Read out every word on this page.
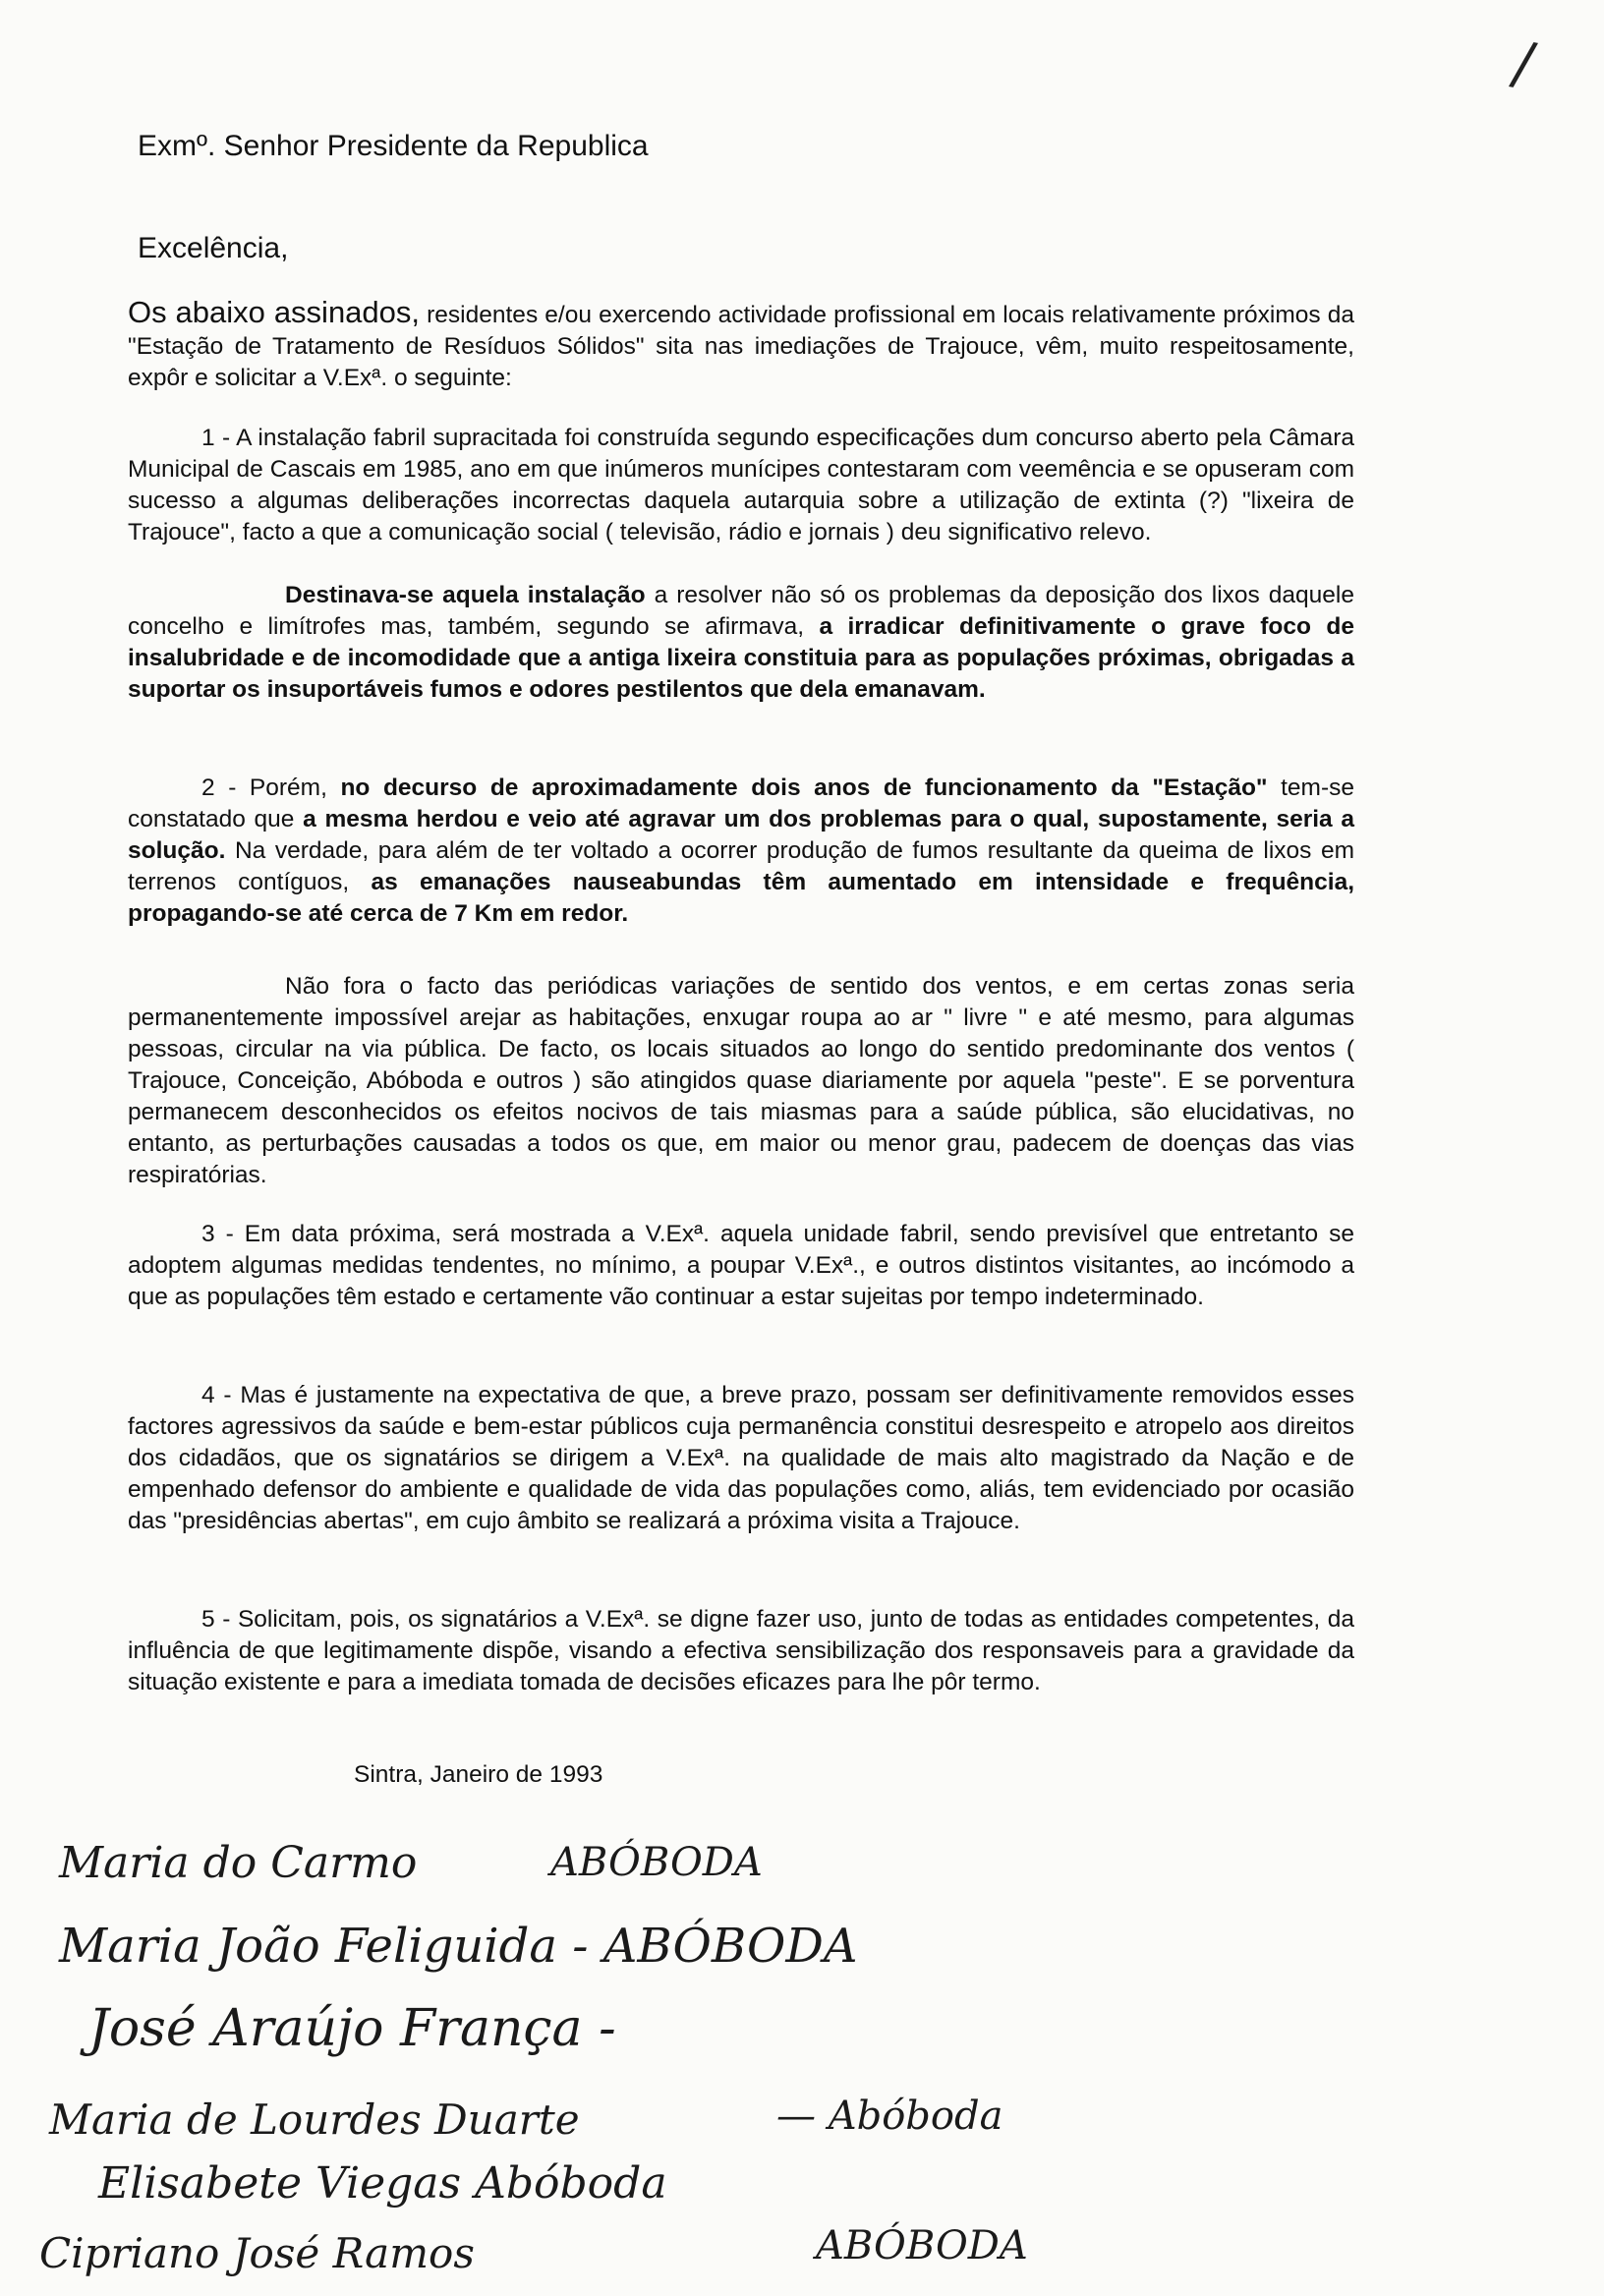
/
Exmº. Senhor Presidente da Republica
Excelência,

Os abaixo assinados, residentes e/ou exercendo actividade profissional em locais relativamente próximos da "Estação de Tratamento de Resíduos Sólidos" sita nas imediações de Trajouce, vêm, muito respeitosamente, expôr e solicitar a V.Exª. o seguinte:

1 - A instalação fabril supracitada foi construída segundo especificações dum concurso aberto pela Câmara Municipal de Cascais em 1985, ano em que inúmeros munícipes contestaram com veemência e se opuseram com sucesso a algumas deliberações incorrectas daquela autarquia sobre a utilização de extinta (?) "lixeira de Trajouce", facto a que a comunicação social ( televisão, rádio e jornais ) deu significativo relevo.

Destinava-se aquela instalação a resolver não só os problemas da deposição dos lixos daquele concelho e limítrofes mas, também, segundo se afirmava, a irradicar definitivamente o grave foco de insalubridade e de incomodidade que a antiga lixeira constituia para as populações próximas, obrigadas a suportar os insuportáveis fumos e odores pestilentos que dela emanavam.

2 - Porém, no decurso de aproximadamente dois anos de funcionamento da "Estação" tem-se constatado que a mesma herdou e veio até agravar um dos problemas para o qual, supostamente, seria a solução. Na verdade, para além de ter voltado a ocorrer produção de fumos resultante da queima de lixos em terrenos contíguos, as emanações nauseabundas têm aumentado em intensidade e frequência, propagando-se até cerca de 7 Km em redor.

Não fora o facto das periódicas variações de sentido dos ventos, e em certas zonas seria permanentemente impossível arejar as habitações, enxugar roupa ao ar " livre " e até mesmo, para algumas pessoas, circular na via pública. De facto, os locais situados ao longo do sentido predominante dos ventos ( Trajouce, Conceição, Abóboda e outros ) são atingidos quase diariamente por aquela "peste". E se porventura permanecem desconhecidos os efeitos nocivos de tais miasmas para a saúde pública, são elucidativas, no entanto, as perturbações causadas a todos os que, em maior ou menor grau, padecem de doenças das vias respiratórias.

3 - Em data próxima, será mostrada a V.Exª. aquela unidade fabril, sendo previsível que entretanto se adoptem algumas medidas tendentes, no mínimo, a poupar V.Exª., e outros distintos visitantes, ao incómodo a que as populações têm estado e certamente vão continuar a estar sujeitas por tempo indeterminado.

4 - Mas é justamente na expectativa de que, a breve prazo, possam ser definitivamente removidos esses factores agressivos da saúde e bem-estar públicos cuja permanência constitui desrespeito e atropelo aos direitos dos cidadãos, que os signatários se dirigem a V.Exª. na qualidade de mais alto magistrado da Nação e de empenhado defensor do ambiente e qualidade de vida das populações como, aliás, tem evidenciado por ocasião das "presidências abertas", em cujo âmbito se realizará a próxima visita a Trajouce.

5 - Solicitam, pois, os signatários a V.Exª. se digne fazer uso, junto de todas as entidades competentes, da influência de que legitimamente dispõe, visando a efectiva sensibilização dos responsaveis para a gravidade da situação existente e para a imediata tomada de decisões eficazes para lhe pôr termo.

Sintra, Janeiro de 1993
Maria do Carmo	ABÓBODA
Maria João Feliguida - ABÓBODA
José Araújo França -
Maria de Lourdes Duarte	— Abóboda
Elisabete Viegas Abóboda
Cipriano José Ramos	ABÓBODA
